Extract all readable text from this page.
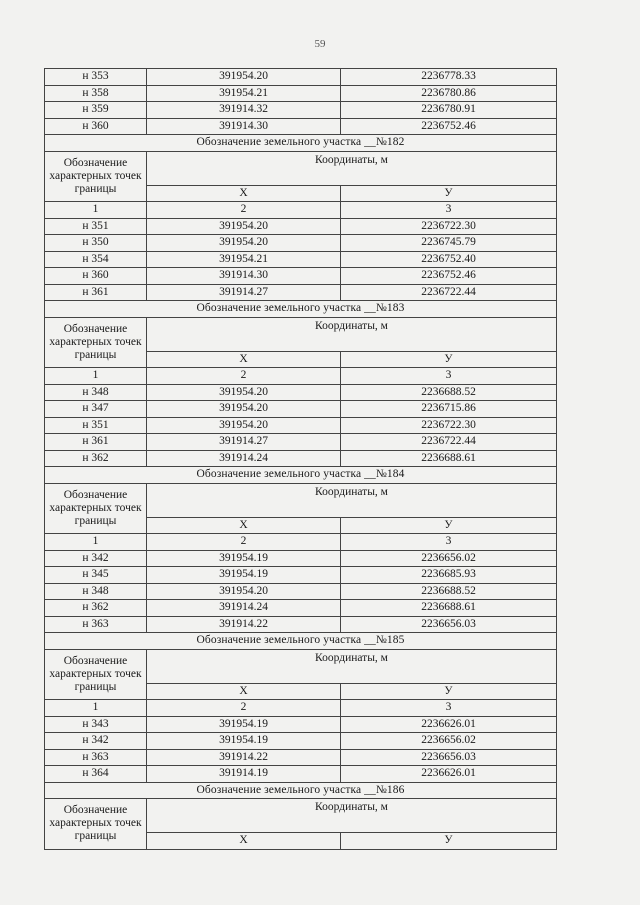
59
н 353	391954.20	2236778.33
н 358	391954.21	2236780.86
н 359	391914.32	2236780.91
н 360	391914.30	2236752.46
Обозначение земельного участка __№182		
Обозначение характерных точек границы	Координаты, м	
	Х	У
1	2	3
н 351	391954.20	2236722.30
н 350	391954.20	2236745.79
н 354	391954.21	2236752.40
н 360	391914.30	2236752.46
н 361	391914.27	2236722.44
Обозначение земельного участка __№183		
Обозначение характерных точек границы	Координаты, м	
	Х	У
1	2	3
н 348	391954.20	2236688.52
н 347	391954.20	2236715.86
н 351	391954.20	2236722.30
н 361	391914.27	2236722.44
н 362	391914.24	2236688.61
Обозначение земельного участка __№184		
Обозначение характерных точек границы	Координаты, м	
	Х	У
1	2	3
н 342	391954.19	2236656.02
н 345	391954.19	2236685.93
н 348	391954.20	2236688.52
н 362	391914.24	2236688.61
н 363	391914.22	2236656.03
Обозначение земельного участка __№185		
Обозначение характерных точек границы	Координаты, м	
	Х	У
1	2	3
н 343	391954.19	2236626.01
н 342	391954.19	2236656.02
н 363	391914.22	2236656.03
н 364	391914.19	2236626.01
Обозначение земельного участка __№186		
Обозначение характерных точек границы	Координаты, м	
	Х	У
